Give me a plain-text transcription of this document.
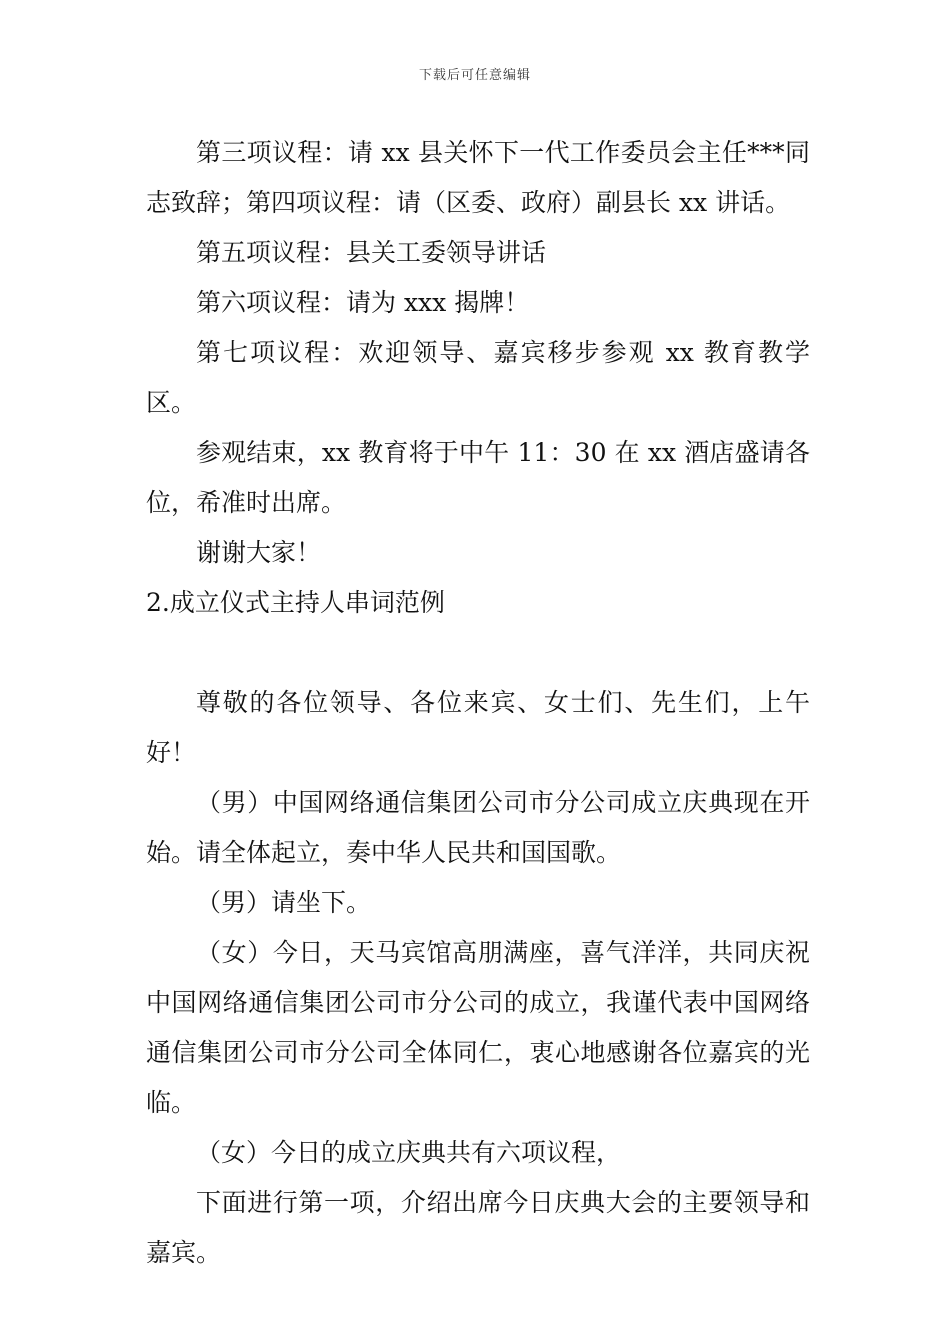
下载后可任意编辑

第三项议程：请 xx 县关怀下一代工作委员会主任***同志致辞；第四项议程：请（区委、政府）副县长 xx 讲话。

第五项议程：县关工委领导讲话

第六项议程：请为 xxx 揭牌！

第七项议程：欢迎领导、嘉宾移步参观 xx 教育教学区。

参观结束，xx 教育将于中午 11：30 在 xx 酒店盛请各位，希准时出席。

谢谢大家！

2.成立仪式主持人串词范例

尊敬的各位领导、各位来宾、女士们、先生们，上午好！

（男）中国网络通信集团公司市分公司成立庆典现在开始。请全体起立，奏中华人民共和国国歌。

（男）请坐下。

（女）今日，天马宾馆高朋满座，喜气洋洋，共同庆祝中国网络通信集团公司市分公司的成立，我谨代表中国网络通信集团公司市分公司全体同仁，衷心地感谢各位嘉宾的光临。

（女）今日的成立庆典共有六项议程，

下面进行第一项，介绍出席今日庆典大会的主要领导和嘉宾。
